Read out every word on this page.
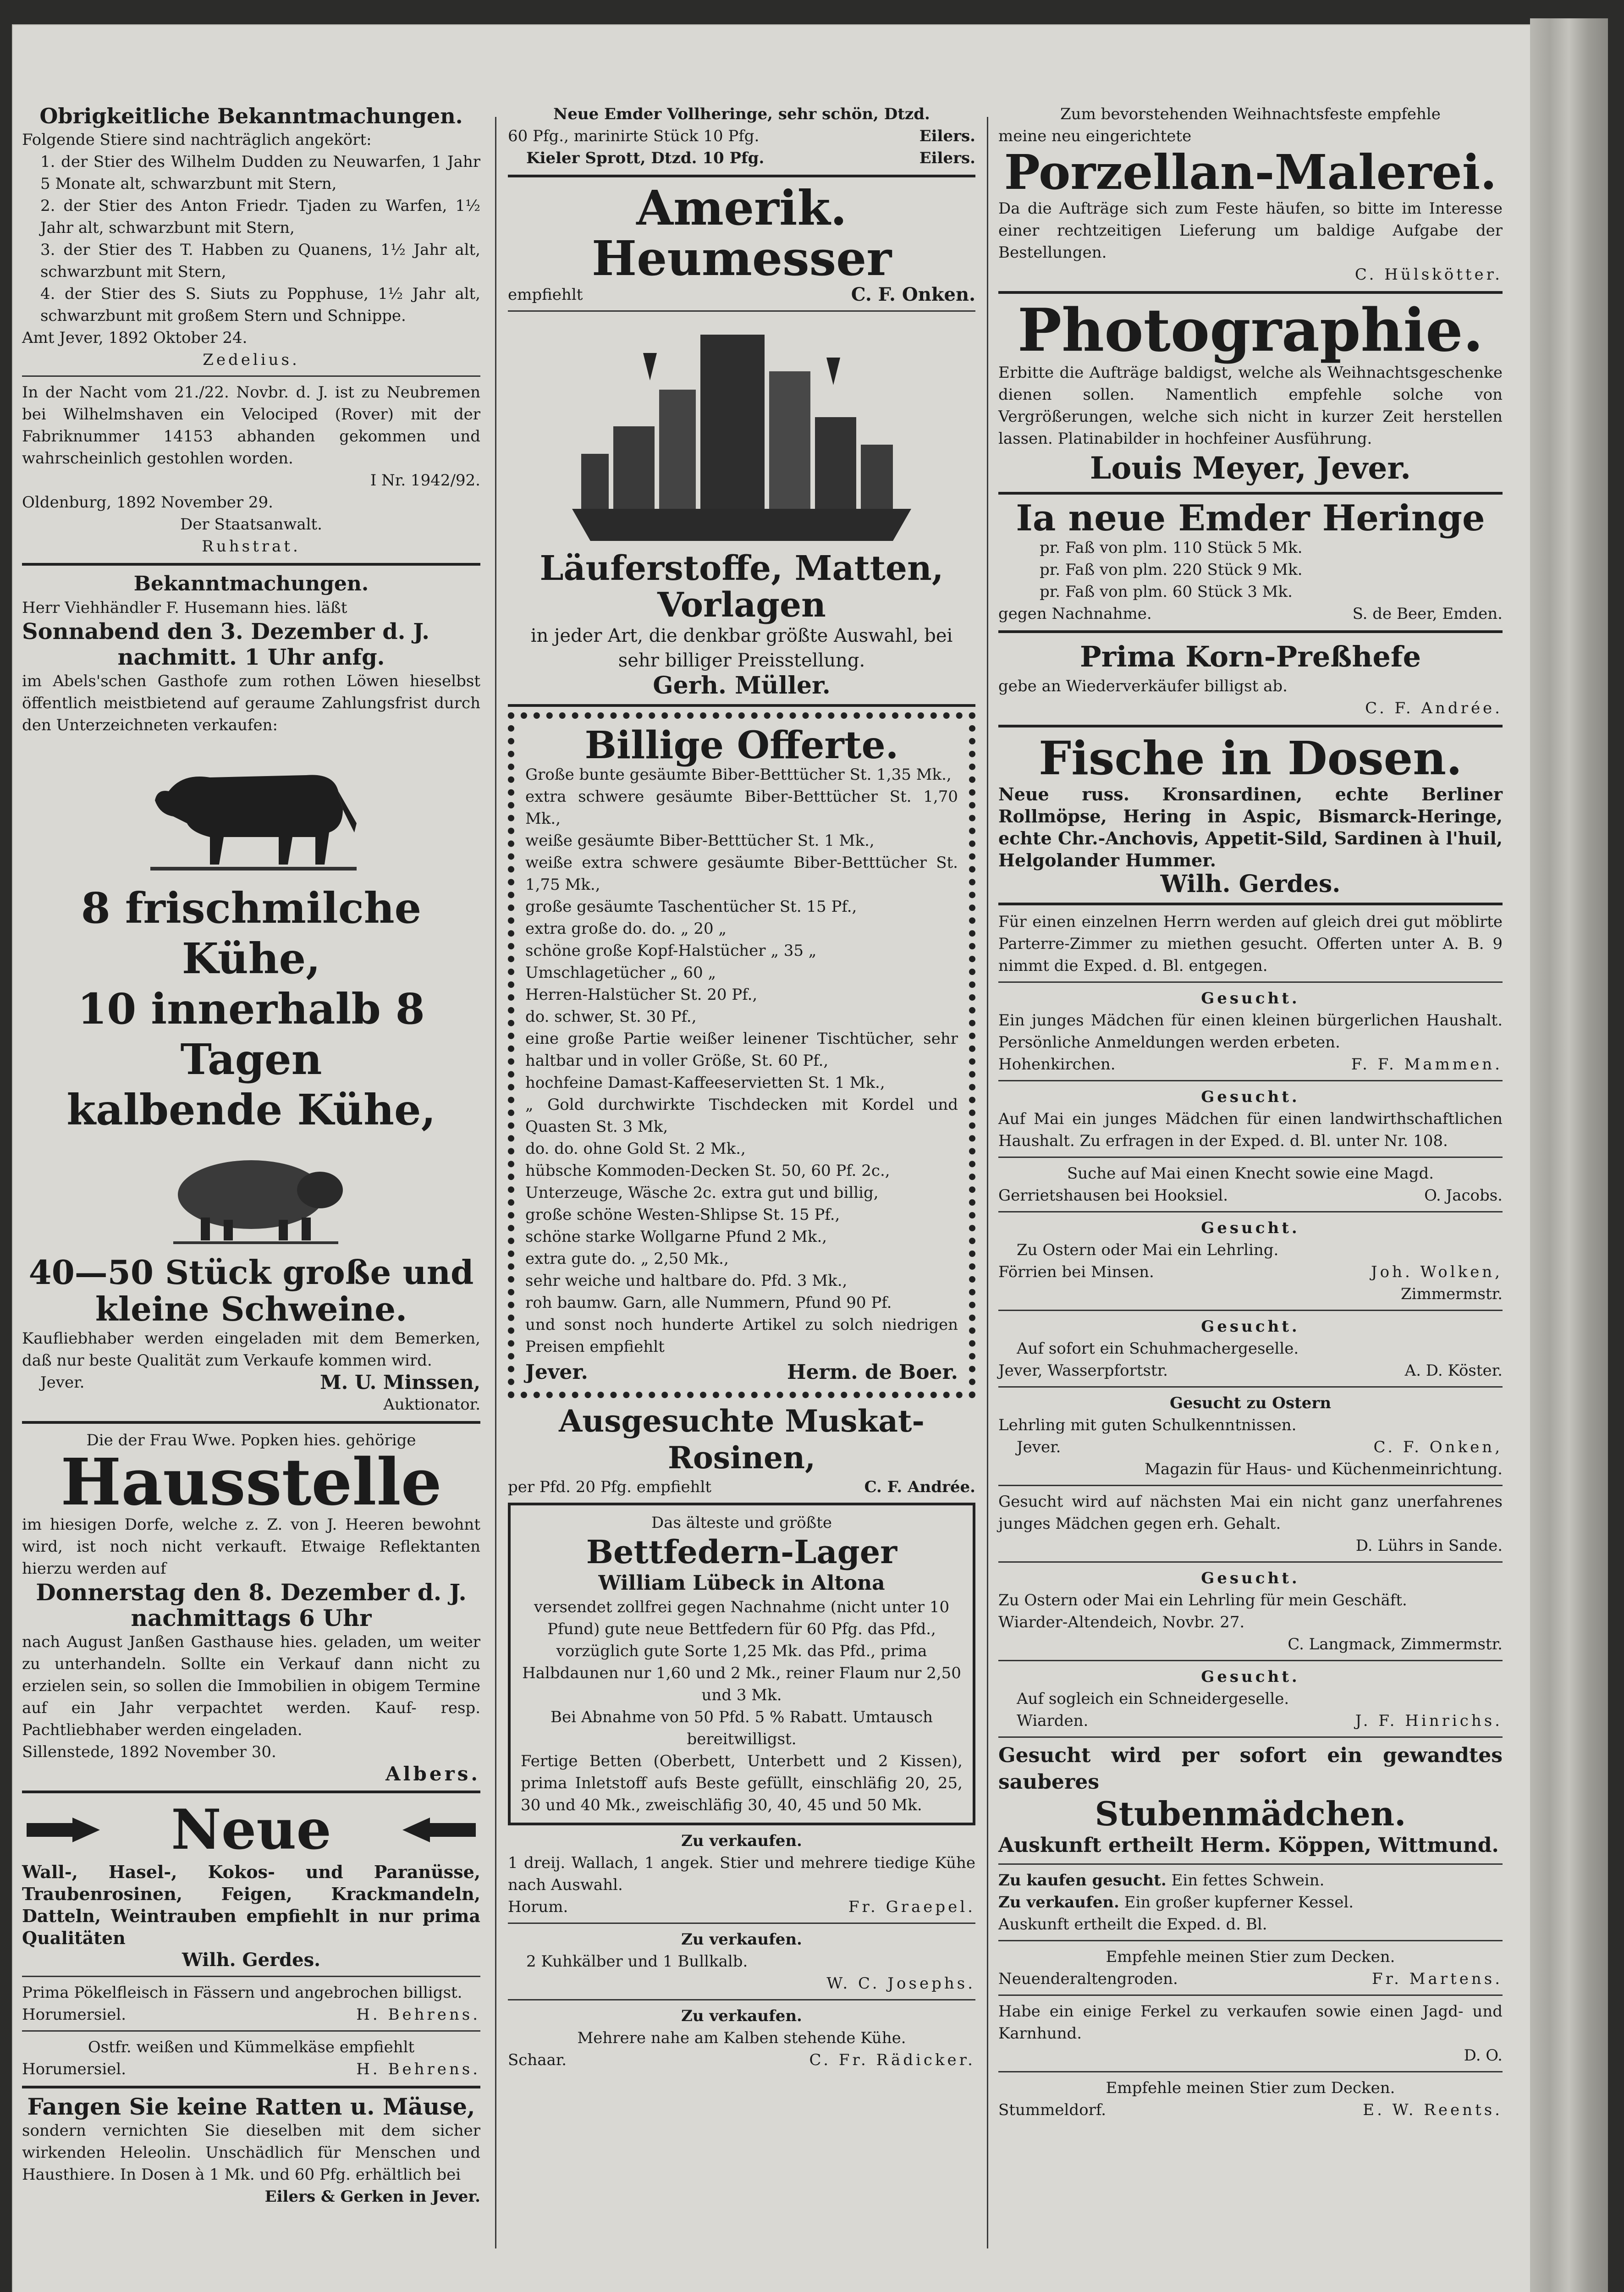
Obrigkeitliche Bekanntmachungen.

Folgende Stiere sind nachträglich angekört:

1. der Stier des Wilhelm Dudden zu Neuwarfen, 1 Jahr 5 Monate alt, schwarzbunt mit Stern,

2. der Stier des Anton Friedr. Tjaden zu Warfen, 1½ Jahr alt, schwarzbunt mit Stern,

3. der Stier des T. Habben zu Quanens, 1½ Jahr alt, schwarzbunt mit Stern,

4. der Stier des S. Siuts zu Popphuse, 1½ Jahr alt, schwarzbunt mit großem Stern und Schnippe.

Amt Jever, 1892 Oktober 24.

Zedelius.

In der Nacht vom 21./22. Novbr. d. J. ist zu Neubremen bei Wilhelmshaven ein Velociped (Rover) mit der Fabriknummer 14153 abhanden gekommen und wahrscheinlich gestohlen worden.

I Nr. 1942/92.

Oldenburg, 1892 November 29.

Der Staatsanwalt.

Ruhstrat.

Bekanntmachungen.

Herr Viehhändler F. Husemann hies. läßt

Sonnabend den 3. Dezember d. J.

nachmitt. 1 Uhr anfg.

im Abels'schen Gasthofe zum rothen Löwen hieselbst öffentlich meistbietend auf geraume Zahlungsfrist durch den Unterzeichneten verkaufen:

8 frischmilche Kühe,

10 innerhalb 8 Tagen

kalbende Kühe,

40—50 Stück große und

kleine Schweine.

Kaufliebhaber werden eingeladen mit dem Bemerken, daß nur beste Qualität zum Verkaufe kommen wird.

Jever.	M. U. Minssen,

Auktionator.

Die der Frau Wwe. Popken hies. gehörige

Hausstelle

im hiesigen Dorfe, welche z. Z. von J. Heeren bewohnt wird, ist noch nicht verkauft. Etwaige Reflektanten hierzu werden auf

Donnerstag den 8. Dezember d. J.

nachmittags 6 Uhr

nach August Janßen Gasthause hies. geladen, um weiter zu unterhandeln. Sollte ein Verkauf dann nicht zu erzielen sein, so sollen die Immobilien in obigem Termine auf ein Jahr verpachtet werden. Kauf- resp. Pachtliebhaber werden eingeladen.

Sillenstede, 1892 November 30.

Albers.

Neue

Wall-, Hasel-, Kokos- und Paranüsse, Traubenrosinen, Feigen, Krackmandeln, Datteln, Weintrauben empfiehlt in nur prima Qualitäten

Wilh. Gerdes.

Prima Pökelfleisch in Fässern und angebrochen billigst.

Horumersiel.	H. Behrens.

Ostfr. weißen und Kümmelkäse empfiehlt

Horumersiel.	H. Behrens.

Fangen Sie keine Ratten u. Mäuse,

sondern vernichten Sie dieselben mit dem sicher wirkenden Heleolin. Unschädlich für Menschen und Hausthiere. In Dosen à 1 Mk. und 60 Pfg. erhältlich bei

Eilers & Gerken in Jever.

Neue Emder Vollheringe, sehr schön, Dtzd.

60 Pfg., marinirte Stück 10 Pfg.	Eilers.
Kieler Sprott, Dtzd. 10 Pfg.	Eilers.

Amerik. Heumesser

empfiehlt	C. F. Onken.

Läuferstoffe, Matten,

Vorlagen

in jeder Art, die denkbar größte Auswahl, bei sehr billiger Preisstellung.

Gerh. Müller.

Billige Offerte.

Große bunte gesäumte Biber-Betttücher St. 1,35 Mk.,

extra schwere gesäumte Biber-Betttücher St. 1,70 Mk.,

weiße gesäumte Biber-Betttücher St. 1 Mk.,

weiße extra schwere gesäumte Biber-Betttücher St. 1,75 Mk.,

große gesäumte Taschentücher St. 15 Pf.,

extra große do. do. „ 20 „

schöne große Kopf-Halstücher „ 35 „

Umschlagetücher „ 60 „

Herren-Halstücher St. 20 Pf.,

do. schwer, St. 30 Pf.,

eine große Partie weißer leinener Tischtücher, sehr haltbar und in voller Größe, St. 60 Pf.,

hochfeine Damast-Kaffeeservietten St. 1 Mk.,

„ Gold durchwirkte Tischdecken mit Kordel und Quasten St. 3 Mk,

do. do. ohne Gold St. 2 Mk.,

hübsche Kommoden-Decken St. 50, 60 Pf. 2c.,

Unterzeuge, Wäsche 2c. extra gut und billig,

große schöne Westen-Shlipse St. 15 Pf.,

schöne starke Wollgarne Pfund 2 Mk.,

extra gute do. „ 2,50 Mk.,

sehr weiche und haltbare do. Pfd. 3 Mk.,

roh baumw. Garn, alle Nummern, Pfund 90 Pf.

und sonst noch hunderte Artikel zu solch niedrigen Preisen empfiehlt

Jever.	Herm. de Boer.

Ausgesuchte Muskat-Rosinen,

per Pfd. 20 Pfg. empfiehlt	C. F. Andrée.

Das älteste und größte

Bettfedern-Lager

William Lübeck in Altona

versendet zollfrei gegen Nachnahme (nicht unter 10 Pfund) gute neue Bettfedern für 60 Pfg. das Pfd., vorzüglich gute Sorte 1,25 Mk. das Pfd., prima Halbdaunen nur 1,60 und 2 Mk., reiner Flaum nur 2,50 und 3 Mk.

Bei Abnahme von 50 Pfd. 5 % Rabatt. Umtausch bereitwilligst.

Fertige Betten (Oberbett, Unterbett und 2 Kissen), prima Inletstoff aufs Beste gefüllt, einschläfig 20, 25, 30 und 40 Mk., zweischläfig 30, 40, 45 und 50 Mk.

Zu verkaufen.

1 dreij. Wallach, 1 angek. Stier und mehrere tiedige Kühe nach Auswahl.

Horum.	Fr. Graepel.

Zu verkaufen.

2 Kuhkälber und 1 Bullkalb.

W. C. Josephs.

Zu verkaufen.

Mehrere nahe am Kalben stehende Kühe.

Schaar.	C. Fr. Rädicker.

Zum bevorstehenden Weihnachtsfeste empfehle

meine neu eingerichtete

Porzellan-Malerei.

Da die Aufträge sich zum Feste häufen, so bitte im Interesse einer rechtzeitigen Lieferung um baldige Aufgabe der Bestellungen.

C. Hülskötter.

Photographie.

Erbitte die Aufträge baldigst, welche als Weihnachtsgeschenke dienen sollen. Namentlich empfehle solche von Vergrößerungen, welche sich nicht in kurzer Zeit herstellen lassen. Platinabilder in hochfeiner Ausführung.

Louis Meyer, Jever.

Ia neue Emder Heringe

pr. Faß von plm. 110 Stück 5 Mk.

pr. Faß von plm. 220 Stück 9 Mk.

pr. Faß von plm. 60 Stück 3 Mk.

gegen Nachnahme.	S. de Beer, Emden.

Prima Korn-Preßhefe

gebe an Wiederverkäufer billigst ab.

C. F. Andrée.

Fische in Dosen.

Neue russ. Kronsardinen, echte Berliner Rollmöpse, Hering in Aspic, Bismarck-Heringe, echte Chr.-Anchovis, Appetit-Sild, Sardinen à l'huil, Helgolander Hummer.

Wilh. Gerdes.

Für einen einzelnen Herrn werden auf gleich drei gut möblirte Parterre-Zimmer zu miethen gesucht. Offerten unter A. B. 9 nimmt die Exped. d. Bl. entgegen.

Gesucht.

Ein junges Mädchen für einen kleinen bürgerlichen Haushalt. Persönliche Anmeldungen werden erbeten.

Hohenkirchen.	F. F. Mammen.

Gesucht.

Auf Mai ein junges Mädchen für einen landwirthschaftlichen Haushalt. Zu erfragen in der Exped. d. Bl. unter Nr. 108.

Suche auf Mai einen Knecht sowie eine Magd.

Gerrietshausen bei Hooksiel.	O. Jacobs.

Gesucht.

Zu Ostern oder Mai ein Lehrling.

Förrien bei Minsen.	Joh. Wolken,

Zimmermstr.

Gesucht.

Auf sofort ein Schuhmachergeselle.

Jever, Wasserpfortstr.	A. D. Köster.

Gesucht zu Ostern

Lehrling mit guten Schulkenntnissen.

Jever.	C. F. Onken,

Magazin für Haus- und Küchenmeinrichtung.

Gesucht wird auf nächsten Mai ein nicht ganz unerfahrenes junges Mädchen gegen erh. Gehalt.

D. Lührs in Sande.

Gesucht.

Zu Ostern oder Mai ein Lehrling für mein Geschäft.

Wiarder-Altendeich, Novbr. 27.

C. Langmack, Zimmermstr.

Gesucht.

Auf sogleich ein Schneidergeselle.

Wiarden.	J. F. Hinrichs.

Gesucht wird per sofort ein gewandtes sauberes

Stubenmädchen.

Auskunft ertheilt Herm. Köppen, Wittmund.

Zu kaufen gesucht. Ein fettes Schwein.

Zu verkaufen. Ein großer kupferner Kessel.

Auskunft ertheilt die Exped. d. Bl.

Empfehle meinen Stier zum Decken.

Neuenderaltengroden.	Fr. Martens.

Habe ein einige Ferkel zu verkaufen sowie einen Jagd- und Karnhund.

D. O.

Empfehle meinen Stier zum Decken.

Stummeldorf.	E. W. Reents.
